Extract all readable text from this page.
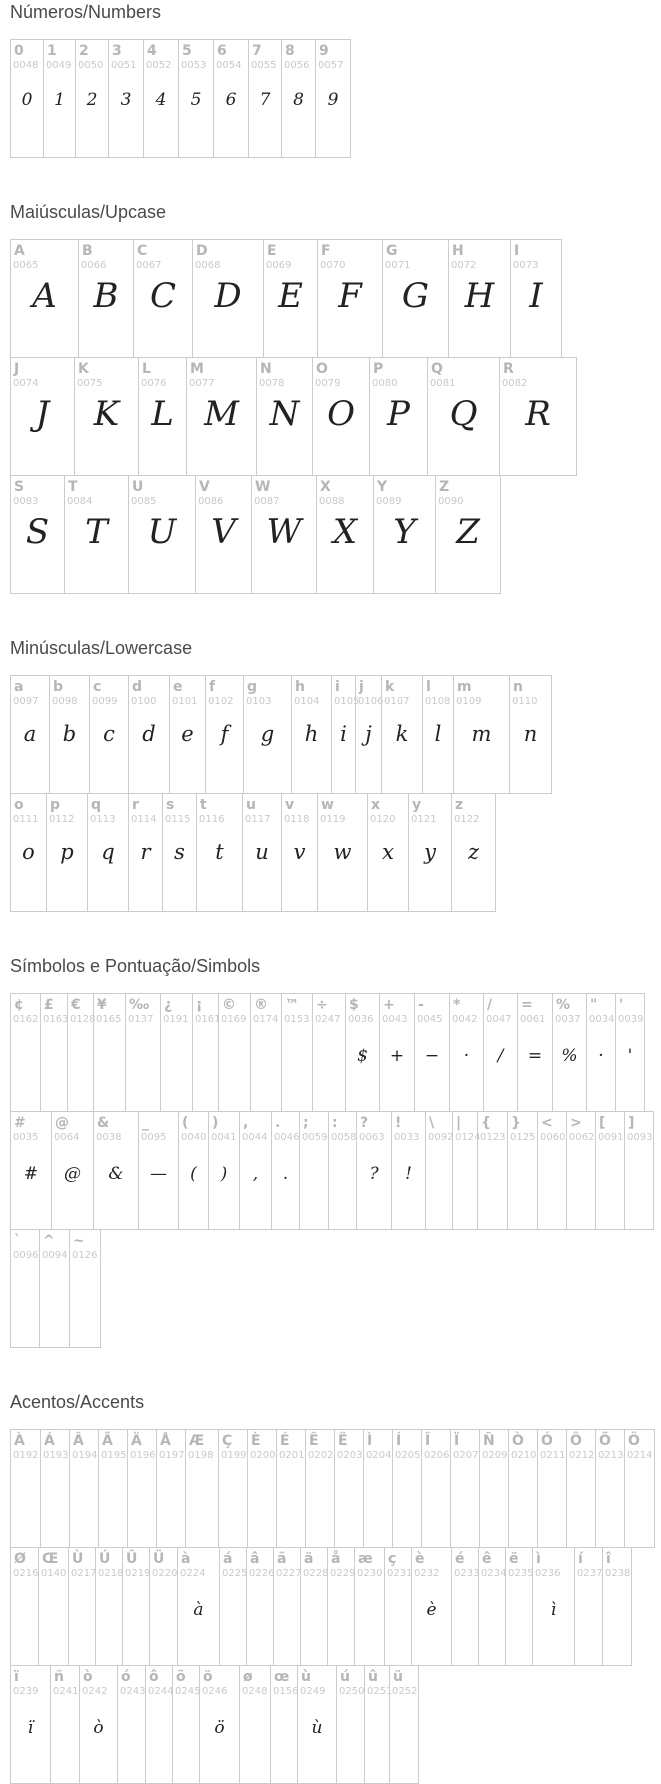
Números/Numbers
0
0048
0
1
0049
1
2
0050
2
3
0051
3
4
0052
4
5
0053
5
6
0054
6
7
0055
7
8
0056
8
9
0057
9
Maiúsculas/Upcase
A
0065
A
B
0066
B
C
0067
C
D
0068
D
E
0069
E
F
0070
F
G
0071
G
H
0072
H
I
0073
I
J
0074
J
K
0075
K
L
0076
L
M
0077
M
N
0078
N
O
0079
O
P
0080
P
Q
0081
Q
R
0082
R
S
0083
S
T
0084
T
U
0085
U
V
0086
V
W
0087
W
X
0088
X
Y
0089
Y
Z
0090
Z
Minúsculas/Lowercase
a
0097
a
b
0098
b
c
0099
c
d
0100
d
e
0101
e
f
0102
f
g
0103
g
h
0104
h
i
0105
i
j
0106
j
k
0107
k
l
0108
l
m
0109
m
n
0110
n
o
0111
o
p
0112
p
q
0113
q
r
0114
r
s
0115
s
t
0116
t
u
0117
u
v
0118
v
w
0119
w
x
0120
x
y
0121
y
z
0122
z
Símbolos e Pontuação/Simbols
¢
0162
£
0163
€
0128
¥
0165
‰
0137
¿
0191
¡
0161
©
0169
®
0174
™
0153
÷
0247
$
0036
$
+
0043
+
-
0045
−
*
0042
·
/
0047
/
=
0061
=
%
0037
%
"
0034
·
'
0039
'
#
0035
#
@
0064
@
&
0038
&
_
0095
—
(
0040
(
)
0041
)
,
0044
,
.
0046
.
;
0059
:
0058
?
0063
?
!
0033
!
\
0092
|
0124
{
0123
}
0125
<
0060
>
0062
[
0091
]
0093
`
0096
^
0094
~
0126
Acentos/Accents
À
0192
Á
0193
Â
0194
Ã
0195
Ä
0196
Å
0197
Æ
0198
Ç
0199
È
0200
É
0201
Ê
0202
Ë
0203
Ì
0204
Í
0205
Î
0206
Ï
0207
Ñ
0209
Ò
0210
Ó
0211
Ô
0212
Õ
0213
Ö
0214
Ø
0216
Œ
0140
Ù
0217
Ú
0218
Û
0219
Ü
0220
à
0224
à
á
0225
â
0226
ã
0227
ä
0228
å
0229
æ
0230
ç
0231
è
0232
è
é
0233
ê
0234
ë
0235
ì
0236
ì
í
0237
î
0238
ï
0239
ï
ñ
0241
ò
0242
ò
ó
0243
ô
0244
õ
0245
ö
0246
ö
ø
0248
œ
0156
ù
0249
ù
ú
0250
û
0251
ü
0252
